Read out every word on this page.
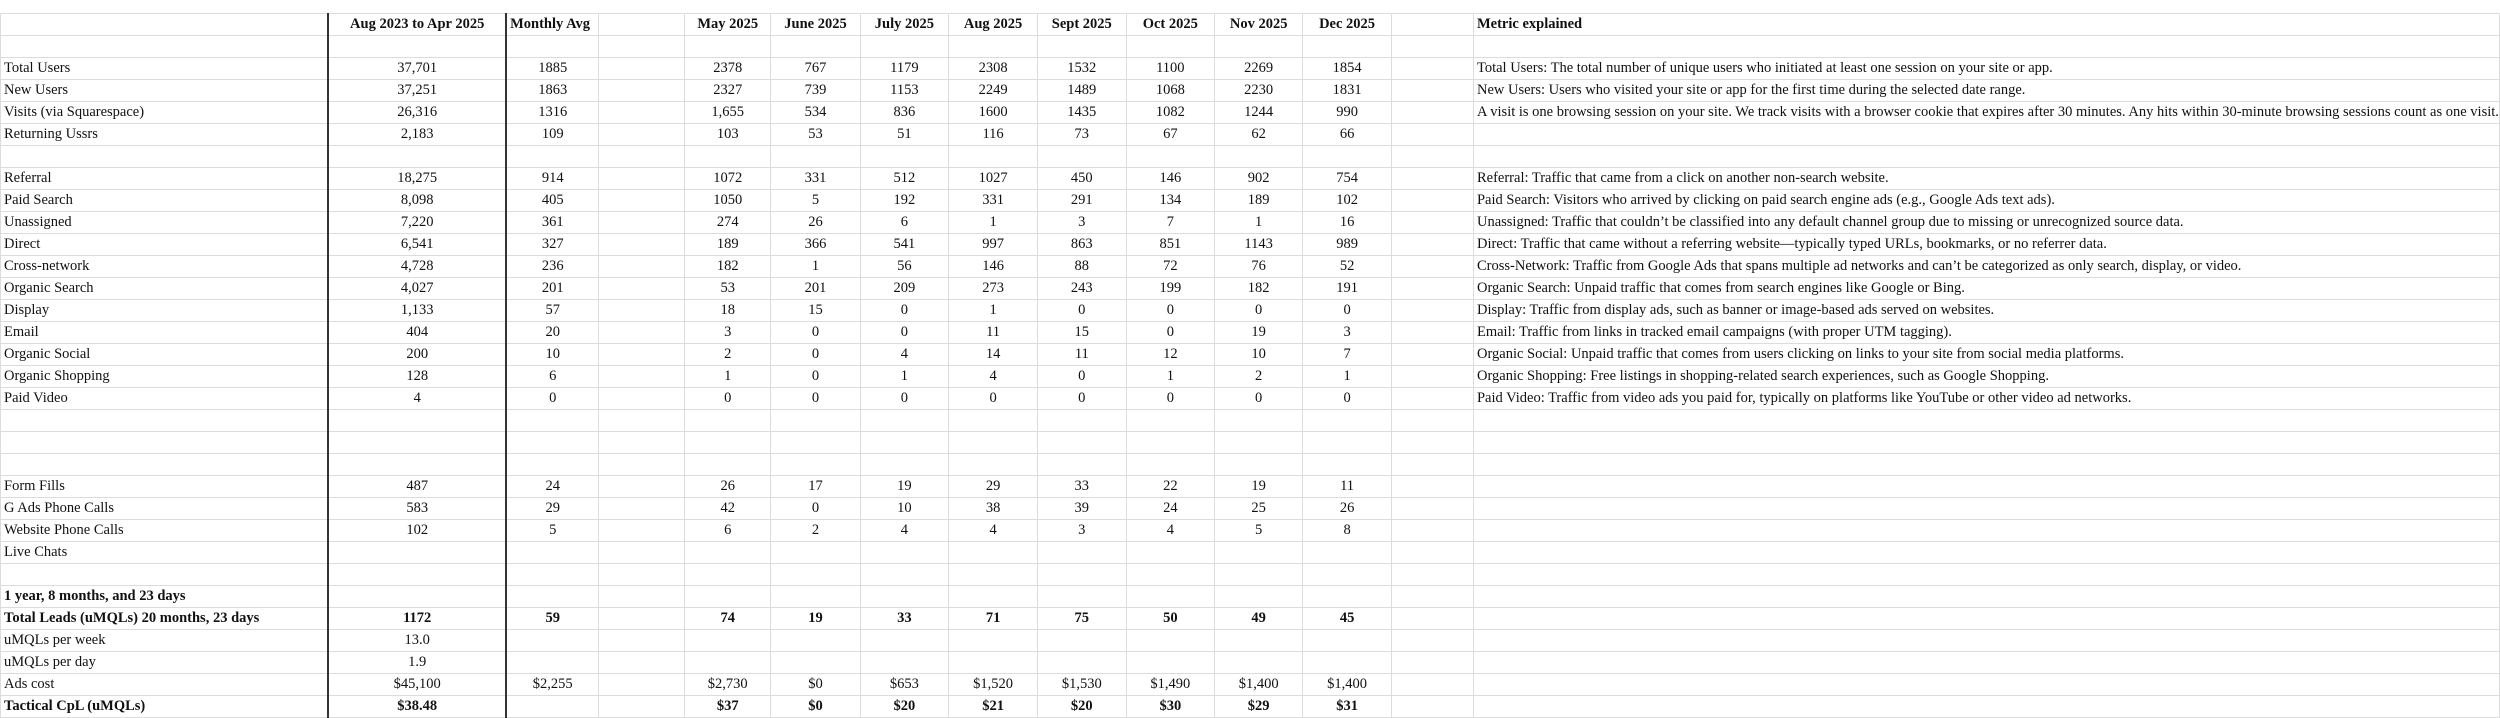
	Aug 2023 to Apr 2025	Monthly Avg		May 2025	June 2025	July 2025	Aug 2025	Sept 2025	Oct 2025	Nov 2025	Dec 2025		Metric explained

Total Users	37,701	1885		2378	767	1179	2308	1532	1100	2269	1854		Total Users: The total number of unique users who initiated at least one session on your site or app.
New Users	37,251	1863		2327	739	1153	2249	1489	1068	2230	1831		New Users: Users who visited your site or app for the first time during the selected date range.
Visits (via Squarespace)	26,316	1316		1,655	534	836	1600	1435	1082	1244	990		A visit is one browsing session on your site. We track visits with a browser cookie that expires after 30 minutes. Any hits within 30-minute browsing sessions count as one visit.
Returning Ussrs	2,183	109		103	53	51	116	73	67	62	66		

Referral	18,275	914		1072	331	512	1027	450	146	902	754		Referral: Traffic that came from a click on another non-search website.
Paid Search	8,098	405		1050	5	192	331	291	134	189	102		Paid Search: Visitors who arrived by clicking on paid search engine ads (e.g., Google Ads text ads).
Unassigned	7,220	361		274	26	6	1	3	7	1	16		Unassigned: Traffic that couldn’t be classified into any default channel group due to missing or unrecognized source data.
Direct	6,541	327		189	366	541	997	863	851	1143	989		Direct: Traffic that came without a referring website—typically typed URLs, bookmarks, or no referrer data.
Cross-network	4,728	236		182	1	56	146	88	72	76	52		Cross-Network: Traffic from Google Ads that spans multiple ad networks and can’t be categorized as only search, display, or video.
Organic Search	4,027	201		53	201	209	273	243	199	182	191		Organic Search: Unpaid traffic that comes from search engines like Google or Bing.
Display	1,133	57		18	15	0	1	0	0	0	0		Display: Traffic from display ads, such as banner or image-based ads served on websites.
Email	404	20		3	0	0	11	15	0	19	3		Email: Traffic from links in tracked email campaigns (with proper UTM tagging).
Organic Social	200	10		2	0	4	14	11	12	10	7		Organic Social: Unpaid traffic that comes from users clicking on links to your site from social media platforms.
Organic Shopping	128	6		1	0	1	4	0	1	2	1		Organic Shopping: Free listings in shopping-related search experiences, such as Google Shopping.
Paid Video	4	0		0	0	0	0	0	0	0	0		Paid Video: Traffic from video ads you paid for, typically on platforms like YouTube or other video ad networks.

Form Fills	487	24		26	17	19	29	33	22	19	11		
G Ads Phone Calls	583	29		42	0	10	38	39	24	25	26		
Website Phone Calls	102	5		6	2	4	4	3	4	5	8		
Live Chats													

1 year, 8 months, and 23 days													
Total Leads (uMQLs) 20 months, 23 days	1172	59		74	19	33	71	75	50	49	45		
uMQLs per week	13.0												
uMQLs per day	1.9												
Ads cost	$45,100	$2,255		$2,730	$0	$653	$1,520	$1,530	$1,490	$1,400	$1,400		
Tactical CpL (uMQLs)	$38.48			$37	$0	$20	$21	$20	$30	$29	$31		
